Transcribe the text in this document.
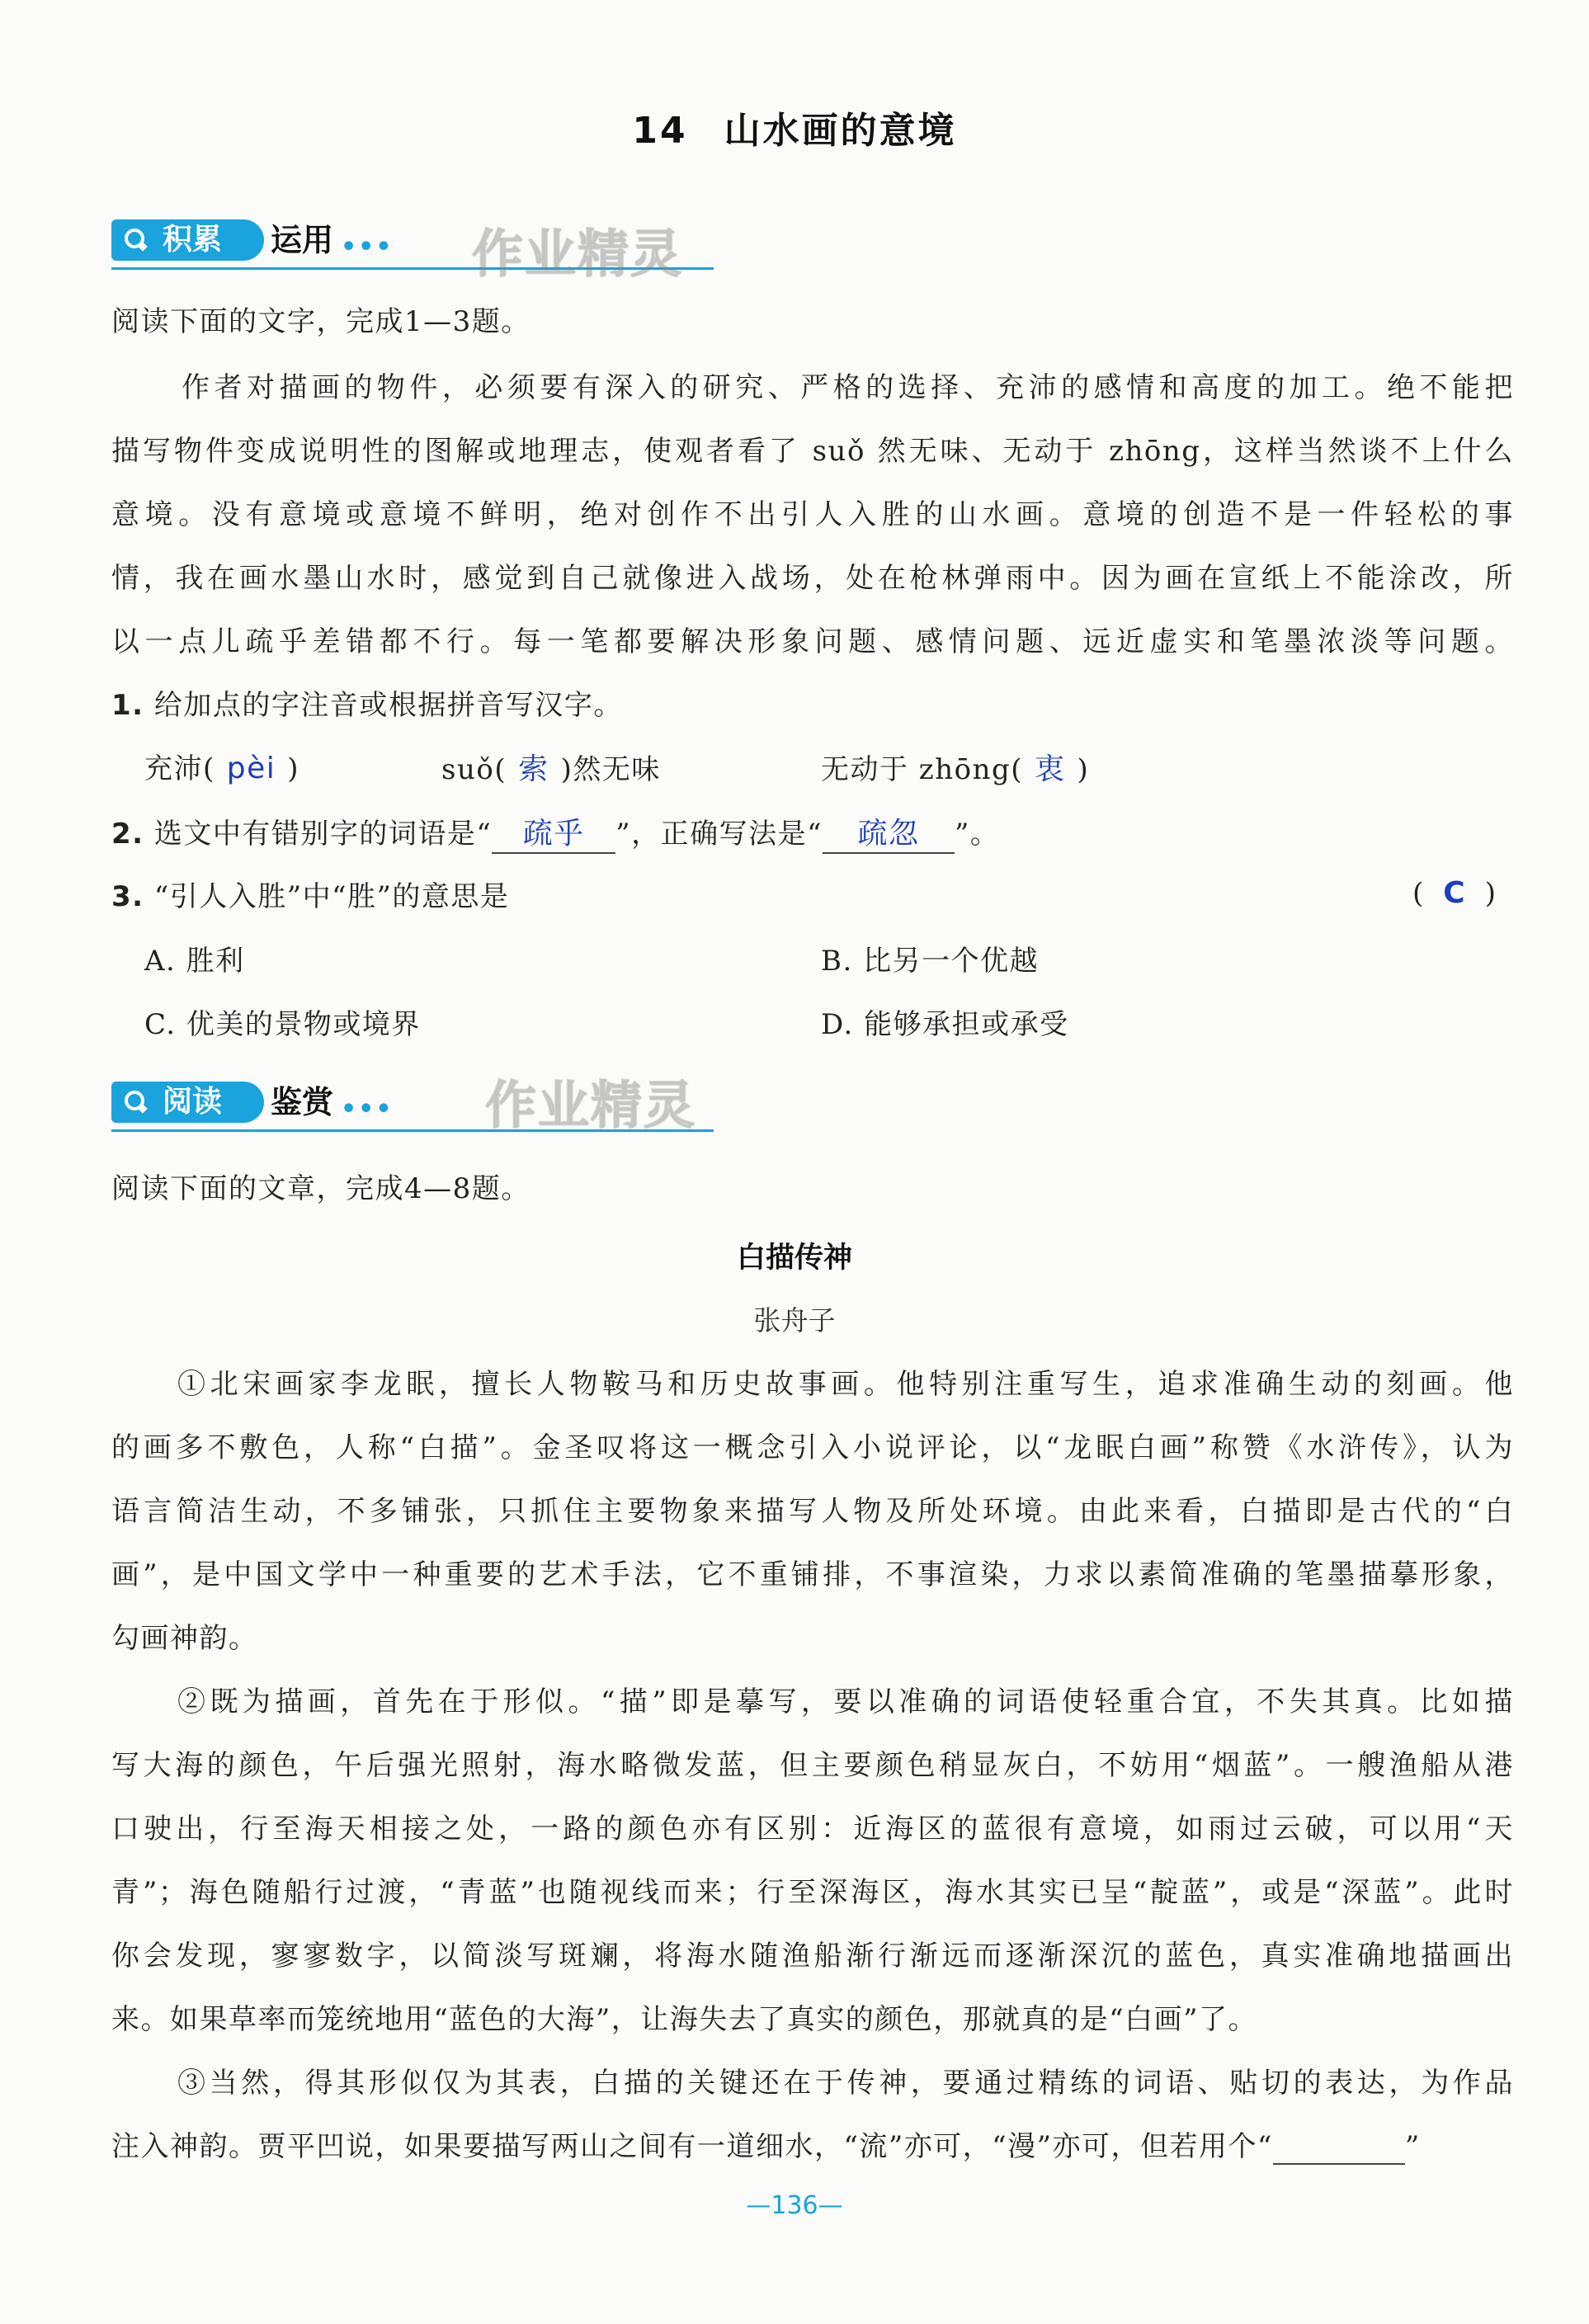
14 山水画的意境
积累 运用 ••• 作业精灵
阅读下面的文字，完成1—3题。
作者对描画的物件，必须要有深入的研究、严格的选择、充沛的感情和高度的加工。绝不能把
描写物件变成说明性的图解或地理志，使观者看了 suǒ 然无味、无动于 zhōng，这样当然谈不上什么
意境。没有意境或意境不鲜明，绝对创作不出引人入胜的山水画。意境的创造不是一件轻松的事
情，我在画水墨山水时，感觉到自己就像进入战场，处在枪林弹雨中。因为画在宣纸上不能涂改，所
以一点儿疏乎差错都不行。每一笔都要解决形象问题、感情问题、远近虚实和笔墨浓淡等问题。
1. 给加点的字注音或根据拼音写汉字。
充沛( pèi )	suǒ( 索 )然无味	无动于 zhōng( 衷 )
2. 选文中有错别字的词语是“ 疏乎 ”，正确写法是“ 疏忽 ”。
3. “引人入胜”中“胜”的意思是	( C )
A. 胜利	B. 比另一个优越
C. 优美的景物或境界	D. 能够承担或承受
阅读 鉴赏 ••• 作业精灵
阅读下面的文章，完成4—8题。
白描传神
张舟子
①北宋画家李龙眠，擅长人物鞍马和历史故事画。他特别注重写生，追求准确生动的刻画。他
的画多不敷色，人称“白描”。金圣叹将这一概念引入小说评论，以“龙眠白画”称赞《水浒传》，认为
语言简洁生动，不多铺张，只抓住主要物象来描写人物及所处环境。由此来看，白描即是古代的“白
画”，是中国文学中一种重要的艺术手法，它不重铺排，不事渲染，力求以素简准确的笔墨描摹形象，
勾画神韵。
②既为描画，首先在于形似。“描”即是摹写，要以准确的词语使轻重合宜，不失其真。比如描
写大海的颜色，午后强光照射，海水略微发蓝，但主要颜色稍显灰白，不妨用“烟蓝”。一艘渔船从港
口驶出，行至海天相接之处，一路的颜色亦有区别：近海区的蓝很有意境，如雨过云破，可以用“天
青”；海色随船行过渡，“青蓝”也随视线而来；行至深海区，海水其实已呈“靛蓝”，或是“深蓝”。此时
你会发现，寥寥数字，以简淡写斑斓，将海水随渔船渐行渐远而逐渐深沉的蓝色，真实准确地描画出
来。如果草率而笼统地用“蓝色的大海”，让海失去了真实的颜色，那就真的是“白画”了。
③当然，得其形似仅为其表，白描的关键还在于传神，要通过精练的词语、贴切的表达，为作品
注入神韵。贾平凹说，如果要描写两山之间有一道细水，“流”亦可，“漫”亦可，但若用个“	”
—136—
